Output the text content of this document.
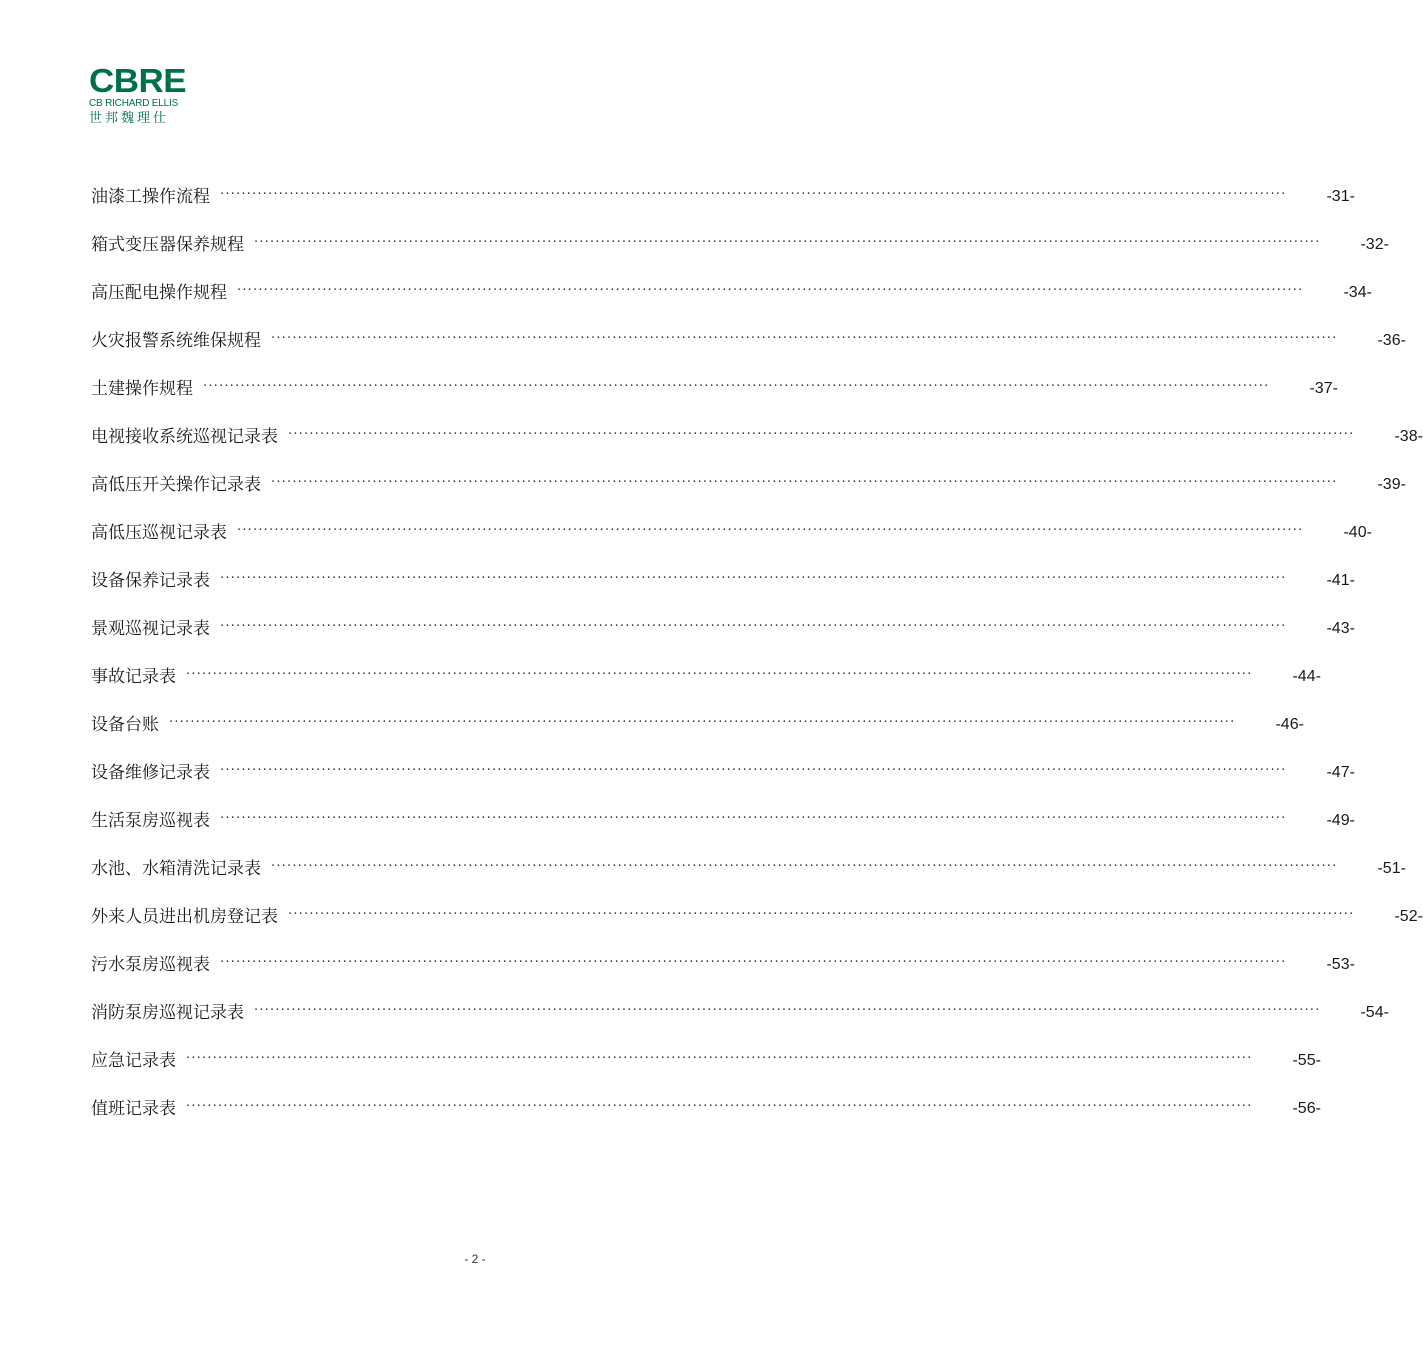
CBRE
CB RICHARD ELLIS
世邦魏理仕
油漆工操作流程 ········································································································································································································	-31-
箱式变压器保养规程 ········································································································································································································	-32-
高压配电操作规程 ········································································································································································································	-34-
火灾报警系统维保规程 ········································································································································································································	-36-
土建操作规程 ········································································································································································································	-37-
电视接收系统巡视记录表 ········································································································································································································	-38-
高低压开关操作记录表 ········································································································································································································	-39-
高低压巡视记录表 ········································································································································································································	-40-
设备保养记录表 ········································································································································································································	-41-
景观巡视记录表 ········································································································································································································	-43-
事故记录表 ········································································································································································································	-44-
设备台账 ········································································································································································································	-46-
设备维修记录表 ········································································································································································································	-47-
生活泵房巡视表 ········································································································································································································	-49-
水池、水箱清洗记录表 ········································································································································································································	-51-
外来人员进出机房登记表 ········································································································································································································	-52-
污水泵房巡视表 ········································································································································································································	-53-
消防泵房巡视记录表 ········································································································································································································	-54-
应急记录表 ········································································································································································································	-55-
值班记录表 ········································································································································································································	-56-
- 2 -
